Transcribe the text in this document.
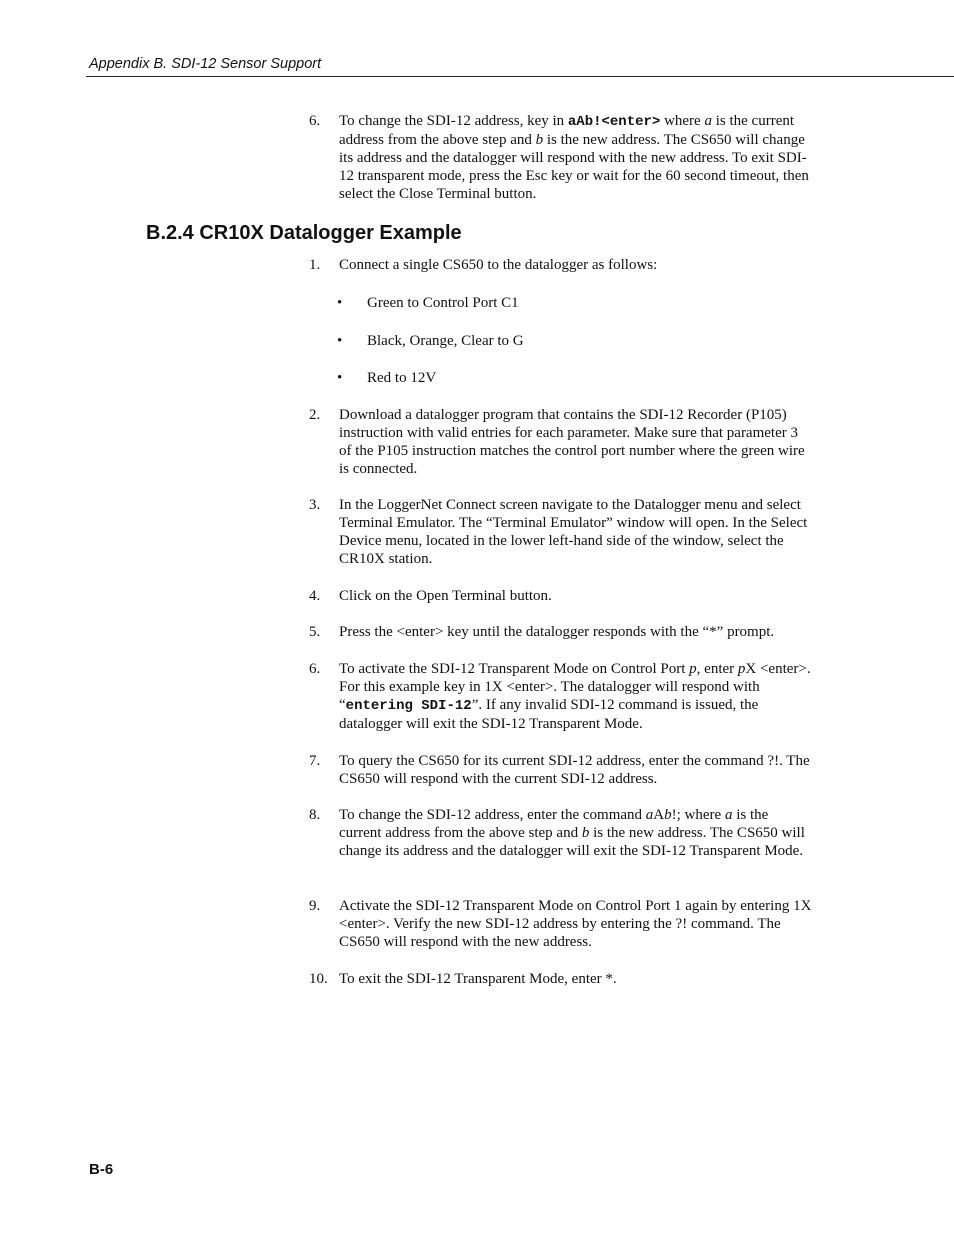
Appendix B. SDI-12 Sensor Support
6.	To change the SDI-12 address, key in aAb!<enter> where a is the current address from the above step and b is the new address. The CS650 will change its address and the datalogger will respond with the new address. To exit SDI-12 transparent mode, press the Esc key or wait for the 60 second timeout, then select the Close Terminal button.
B.2.4 CR10X Datalogger Example
1.	Connect a single CS650 to the datalogger as follows:
• Green to Control Port C1
• Black, Orange, Clear to G
• Red to 12V
2.	Download a datalogger program that contains the SDI-12 Recorder (P105) instruction with valid entries for each parameter. Make sure that parameter 3 of the P105 instruction matches the control port number where the green wire is connected.
3.	In the LoggerNet Connect screen navigate to the Datalogger menu and select Terminal Emulator. The “Terminal Emulator” window will open. In the Select Device menu, located in the lower left-hand side of the window, select the CR10X station.
4.	Click on the Open Terminal button.
5.	Press the <enter> key until the datalogger responds with the “*” prompt.
6.	To activate the SDI-12 Transparent Mode on Control Port p, enter pX <enter>. For this example key in 1X <enter>. The datalogger will respond with “entering SDI-12”. If any invalid SDI-12 command is issued, the datalogger will exit the SDI-12 Transparent Mode.
7.	To query the CS650 for its current SDI-12 address, enter the command ?!. The CS650 will respond with the current SDI-12 address.
8.	To change the SDI-12 address, enter the command aAb!; where a is the current address from the above step and b is the new address. The CS650 will change its address and the datalogger will exit the SDI-12 Transparent Mode.
9.	Activate the SDI-12 Transparent Mode on Control Port 1 again by entering 1X <enter>. Verify the new SDI-12 address by entering the ?! command. The CS650 will respond with the new address.
10. To exit the SDI-12 Transparent Mode, enter *.
B-6
